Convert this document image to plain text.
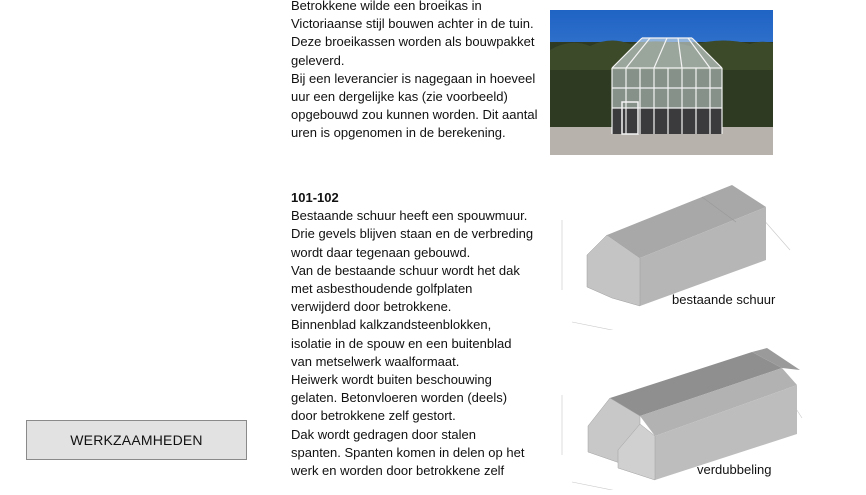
Betrokkene wilde een broeikas in

Victoriaanse stijl bouwen achter in de tuin.

Deze broeikassen worden als bouwpakket

geleverd.

Bij een leverancier is nagegaan in hoeveel

uur een dergelijke kas (zie voorbeeld)

opgebouwd zou kunnen worden. Dit aantal

uren is opgenomen in de berekening.

101-102

Bestaande schuur heeft een spouwmuur.

Drie gevels blijven staan en de verbreding

wordt daar tegenaan gebouwd.

Van de bestaande schuur wordt het dak

met asbesthoudende golfplaten

verwijderd door betrokkene.

Binnenblad kalkzandsteenblokken,

isolatie in de spouw en een buitenblad

van metselwerk waalformaat.

Heiwerk wordt buiten beschouwing

gelaten. Betonvloeren worden (deels)

door betrokkene zelf gestort.

Dak wordt gedragen door stalen

spanten. Spanten komen in delen op het

werk en worden door betrokkene zelf

bestaande schuur
verdubbeling
WERKZAAMHEDEN
